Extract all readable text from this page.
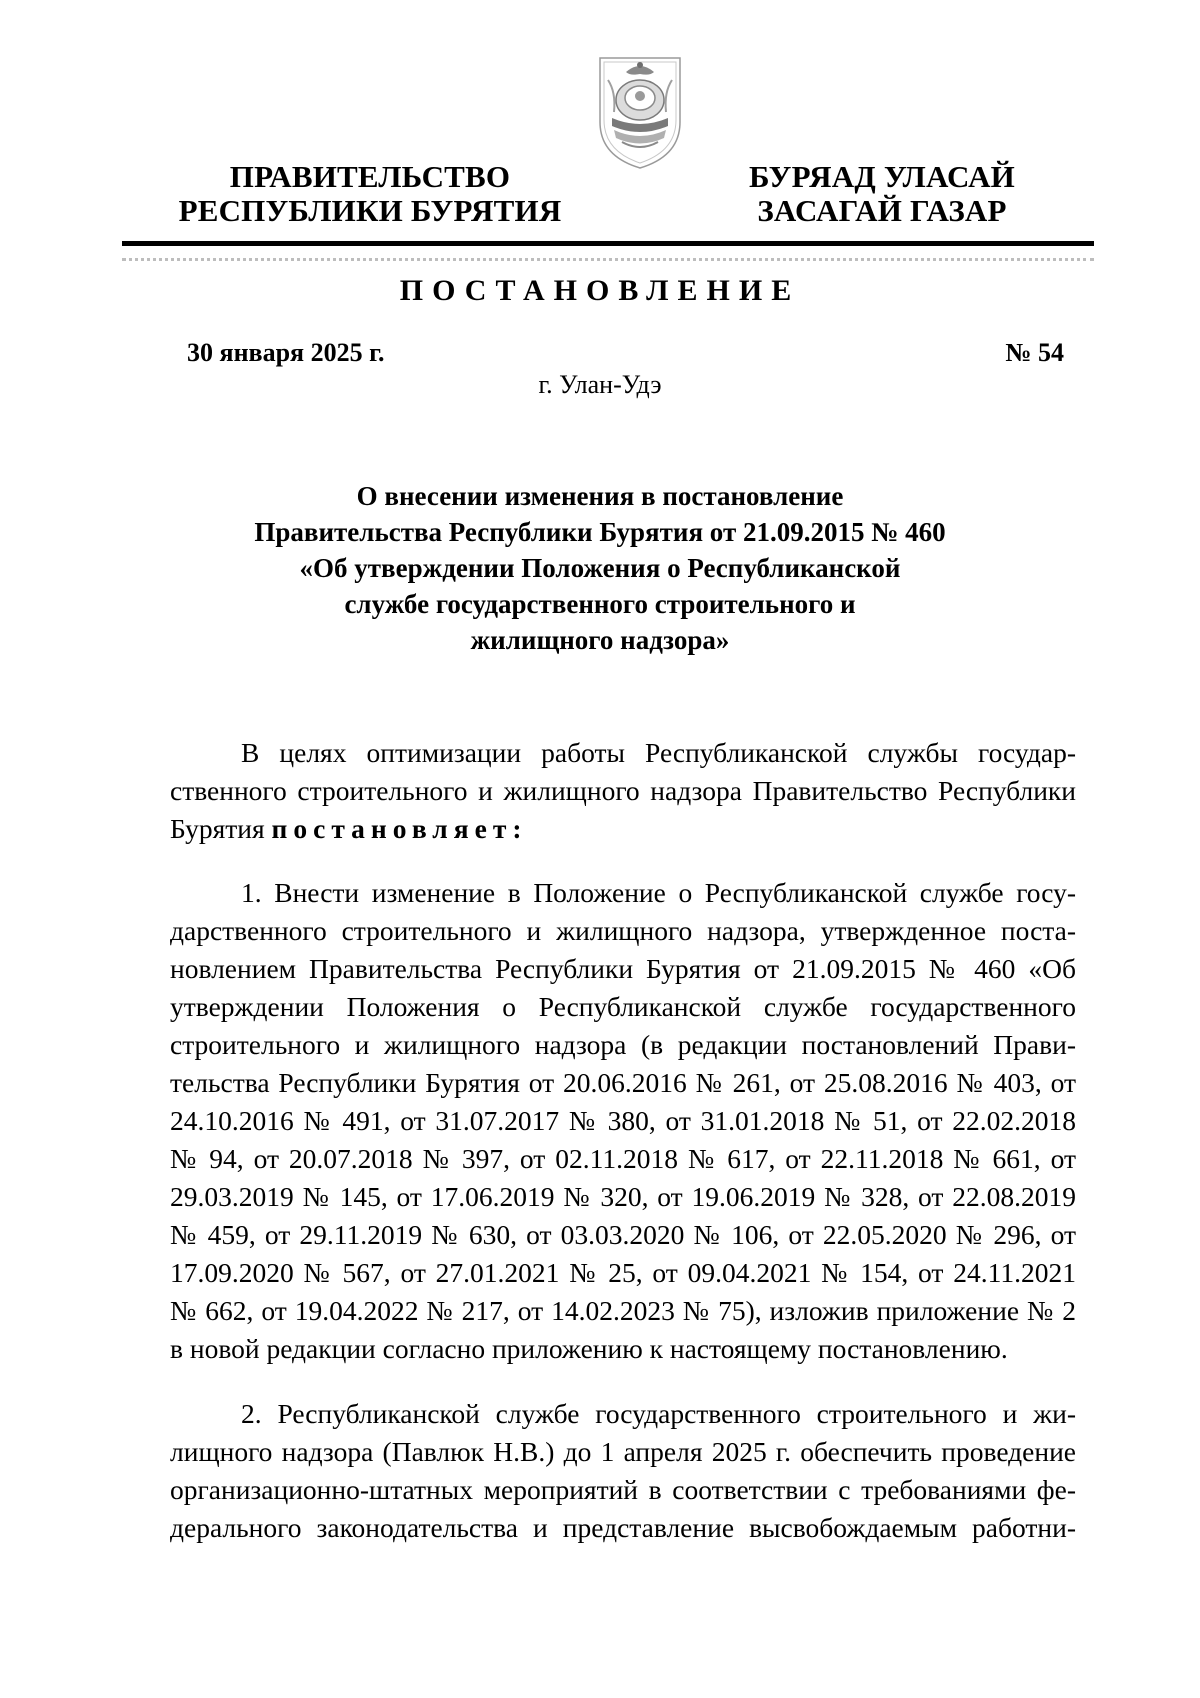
ПРАВИТЕЛЬСТВО
РЕСПУБЛИКИ БУРЯТИЯ
БУРЯАД УЛАСАЙ
ЗАСАГАЙ ГАЗАР
ПОСТАНОВЛЕНИЕ
30 января 2025 г.	№ 54
г. Улан-Удэ
О внесении изменения в постановление
Правительства Республики Бурятия от 21.09.2015 № 460
«Об утверждении Положения о Республиканской
службе государственного строительного и
жилищного надзора»

В целях оптимизации работы Республиканской службы государ-
ственного строительного и жилищного надзора Правительство Республики
Бурятия постановляет:

1. Внести изменение в Положение о Республиканской службе госу-
дарственного строительного и жилищного надзора, утвержденное поста-
новлением Правительства Республики Бурятия от 21.09.2015 № 460 «Об
утверждении Положения о Республиканской службе государственного
строительного и жилищного надзора (в редакции постановлений Прави-
тельства Республики Бурятия от 20.06.2016 № 261, от 25.08.2016 № 403, от
24.10.2016 № 491, от 31.07.2017 № 380, от 31.01.2018 № 51, от 22.02.2018
№ 94, от 20.07.2018 № 397, от 02.11.2018 № 617, от 22.11.2018 № 661, от
29.03.2019 № 145, от 17.06.2019 № 320, от 19.06.2019 № 328, от 22.08.2019
№ 459, от 29.11.2019 № 630, от 03.03.2020 № 106, от 22.05.2020 № 296, от
17.09.2020 № 567, от 27.01.2021 № 25, от 09.04.2021 № 154, от 24.11.2021
№ 662, от 19.04.2022 № 217, от 14.02.2023 № 75), изложив приложение № 2
в новой редакции согласно приложению к настоящему постановлению.

2. Республиканской службе государственного строительного и жи-
лищного надзора (Павлюк Н.В.) до 1 апреля 2025 г. обеспечить проведение
организационно-штатных мероприятий в соответствии с требованиями фе-
дерального законодательства и представление высвобождаемым работни-
